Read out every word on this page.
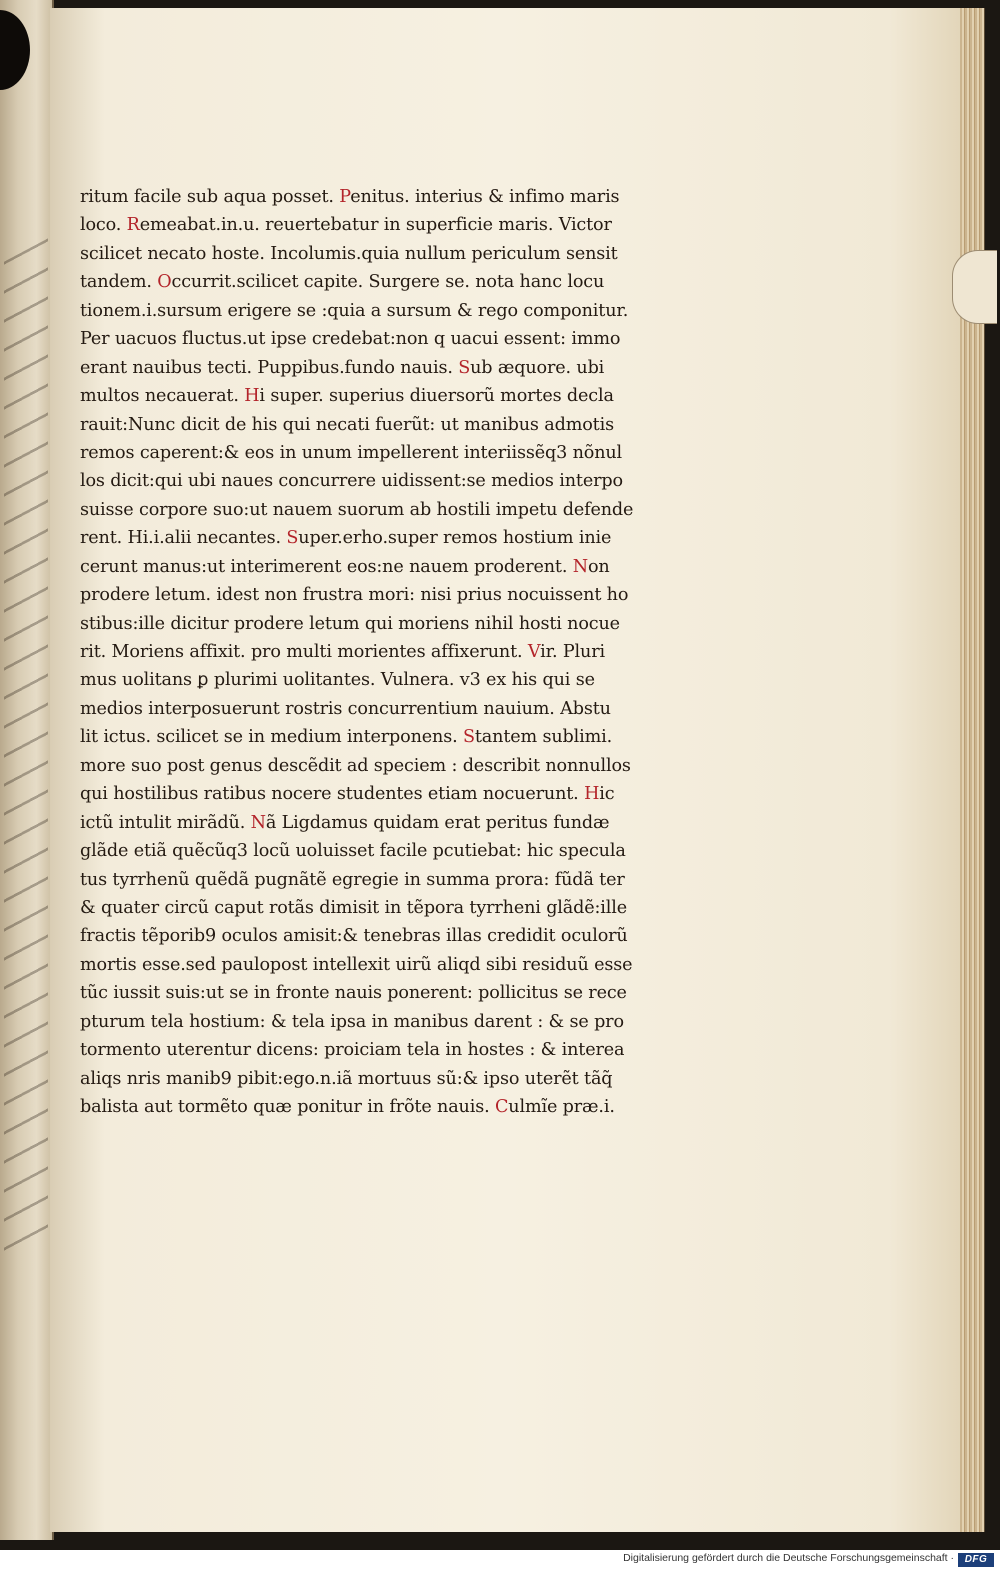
ritum facile sub aqua posset. Penitus. interius & infimo maris
loco. Remeabat.in.u. reuertebatur in superficie maris. Victor
scilicet necato hoste. Incolumis.quia nullum periculum sensit
tandem. Occurrit.scilicet capite. Surgere se. nota hanc locu
tionem.i.sursum erigere se :quia a sursum & rego componitur.
Per uacuos fluctus.ut ipse credebat:non q uacui essent: immo
erant nauibus tecti. Puppibus.fundo nauis. Sub æquore. ubi
multos necauerat. Hi super. superius diuersorũ mortes decla
rauit:Nunc dicit de his qui necati fuerũt: ut manibus admotis
remos caperent:& eos in unum impellerent interiissẽq3 nõnul
los dicit:qui ubi naues concurrere uidissent:se medios interpo
suisse corpore suo:ut nauem suorum ab hostili impetu defende
rent. Hi.i.alii necantes. Super.erho.super remos hostium inie
cerunt manus:ut interimerent eos:ne nauem proderent. Non
prodere letum. idest non frustra mori: nisi prius nocuissent ho
stibus:ille dicitur prodere letum qui moriens nihil hosti nocue
rit. Moriens affixit. pro multi morientes affixerunt. Vir. Pluri
mus uolitans ꝑ plurimi uolitantes. Vulnera. v3 ex his qui se
medios interposuerunt rostris concurrentium nauium. Abstu
lit ictus. scilicet se in medium interponens. Stantem sublimi.
more suo post genus descẽdit ad speciem : describit nonnullos
qui hostilibus ratibus nocere studentes etiam nocuerunt. Hic
ictũ intulit mirãdũ. Nã Ligdamus quidam erat peritus fundæ
glãde etiã quẽcũq3 locũ uoluisset facile pcutiebat: hic specula
tus tyrrhenũ quẽdã pugnãtẽ egregie in summa prora: fũdã ter
& quater circũ caput rotãs dimisit in tẽpora tyrrheni glãdẽ:ille
fractis tẽporib9 oculos amisit:& tenebras illas credidit oculorũ
mortis esse.sed paulopost intellexit uirũ aliqd sibi residuũ esse
tũc iussit suis:ut se in fronte nauis ponerent: pollicitus se rece
pturum tela hostium: & tela ipsa in manibus darent : & se pro
tormento uterentur dicens: proiciam tela in hostes : & interea
aliqs nris manib9 pibit:ego.n.iã mortuus sũ:& ipso uterẽt tãq̃
balista aut tormẽto quæ ponitur in frõte nauis. Culmĩe præ.i.
Digitalisierung gefördert durch die Deutsche Forschungsgemeinschaft ·	DFG
